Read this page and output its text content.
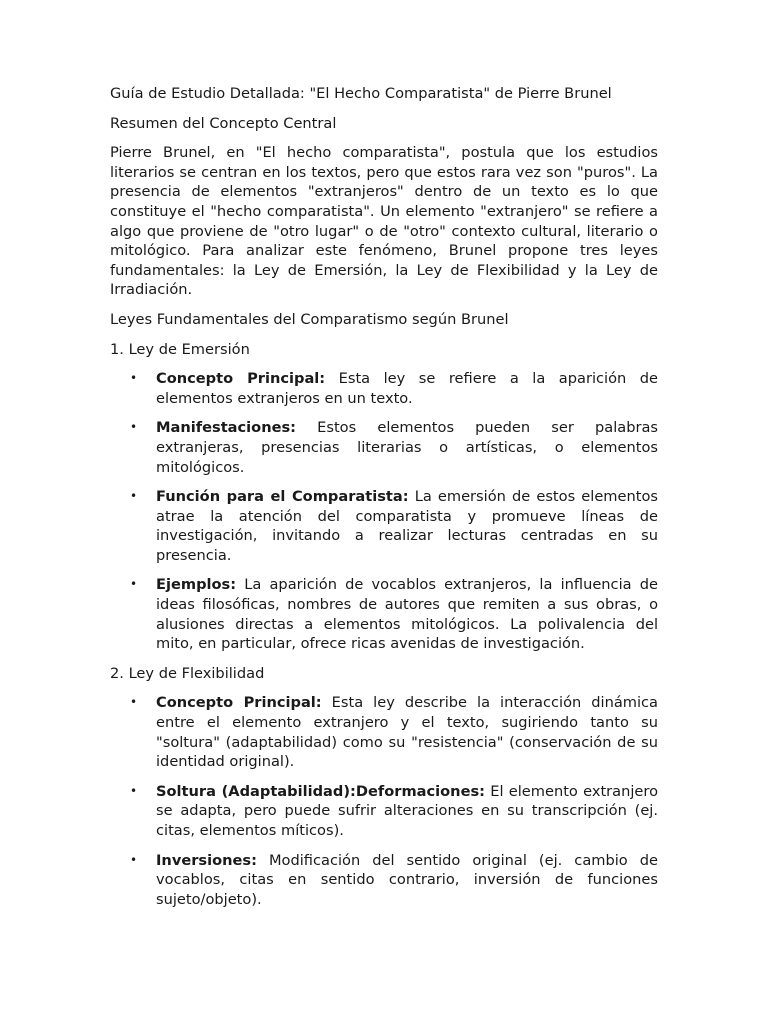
Guía de Estudio Detallada: "El Hecho Comparatista" de Pierre Brunel

Resumen del Concepto Central

Pierre Brunel, en "El hecho comparatista", postula que los estudios literarios se centran en los textos, pero que estos rara vez son "puros". La presencia de elementos "extranjeros" dentro de un texto es lo que constituye el "hecho comparatista". Un elemento "extranjero" se refiere a algo que proviene de "otro lugar" o de "otro" contexto cultural, literario o mitológico. Para analizar este fenómeno, Brunel propone tres leyes fundamentales: la Ley de Emersión, la Ley de Flexibilidad y la Ley de Irradiación.

Leyes Fundamentales del Comparatismo según Brunel

1. Ley de Emersión

• Concepto Principal: Esta ley se refiere a la aparición de elementos extranjeros en un texto.
• Manifestaciones: Estos elementos pueden ser palabras extranjeras, presencias literarias o artísticas, o elementos mitológicos.
• Función para el Comparatista: La emersión de estos elementos atrae la atención del comparatista y promueve líneas de investigación, invitando a realizar lecturas centradas en su presencia.
• Ejemplos: La aparición de vocablos extranjeros, la influencia de ideas filosóficas, nombres de autores que remiten a sus obras, o alusiones directas a elementos mitológicos. La polivalencia del mito, en particular, ofrece ricas avenidas de investigación.

2. Ley de Flexibilidad

• Concepto Principal: Esta ley describe la interacción dinámica entre el elemento extranjero y el texto, sugiriendo tanto su "soltura" (adaptabilidad) como su "resistencia" (conservación de su identidad original).
• Soltura (Adaptabilidad):Deformaciones: El elemento extranjero se adapta, pero puede sufrir alteraciones en su transcripción (ej. citas, elementos míticos).
• Inversiones: Modificación del sentido original (ej. cambio de vocablos, citas en sentido contrario, inversión de funciones sujeto/objeto).
